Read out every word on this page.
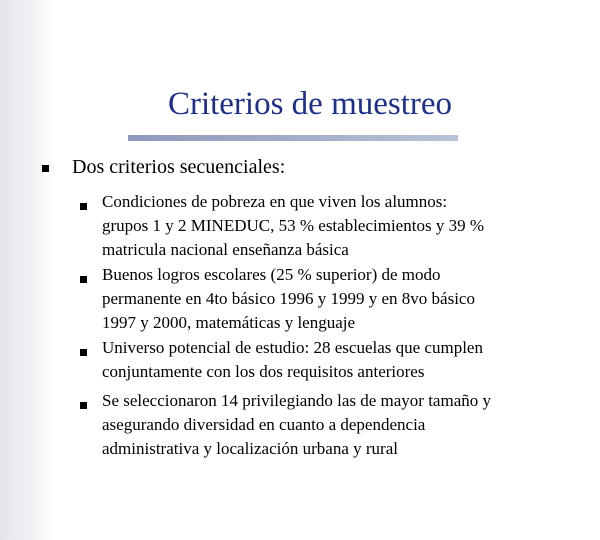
Criterios de muestreo
Dos criterios secuenciales:

Condiciones de pobreza en que viven los alumnos:
grupos 1 y 2 MINEDUC, 53 % establecimientos y 39 %
matricula nacional enseñanza básica

Buenos logros escolares (25 % superior) de modo
permanente en 4to básico 1996 y 1999 y en 8vo básico
1997 y 2000, matemáticas y lenguaje

Universo potencial de estudio: 28 escuelas que cumplen
conjuntamente con los dos requisitos anteriores

Se seleccionaron 14 privilegiando las de mayor tamaño y
asegurando diversidad en cuanto a dependencia
administrativa y localización urbana y rural
